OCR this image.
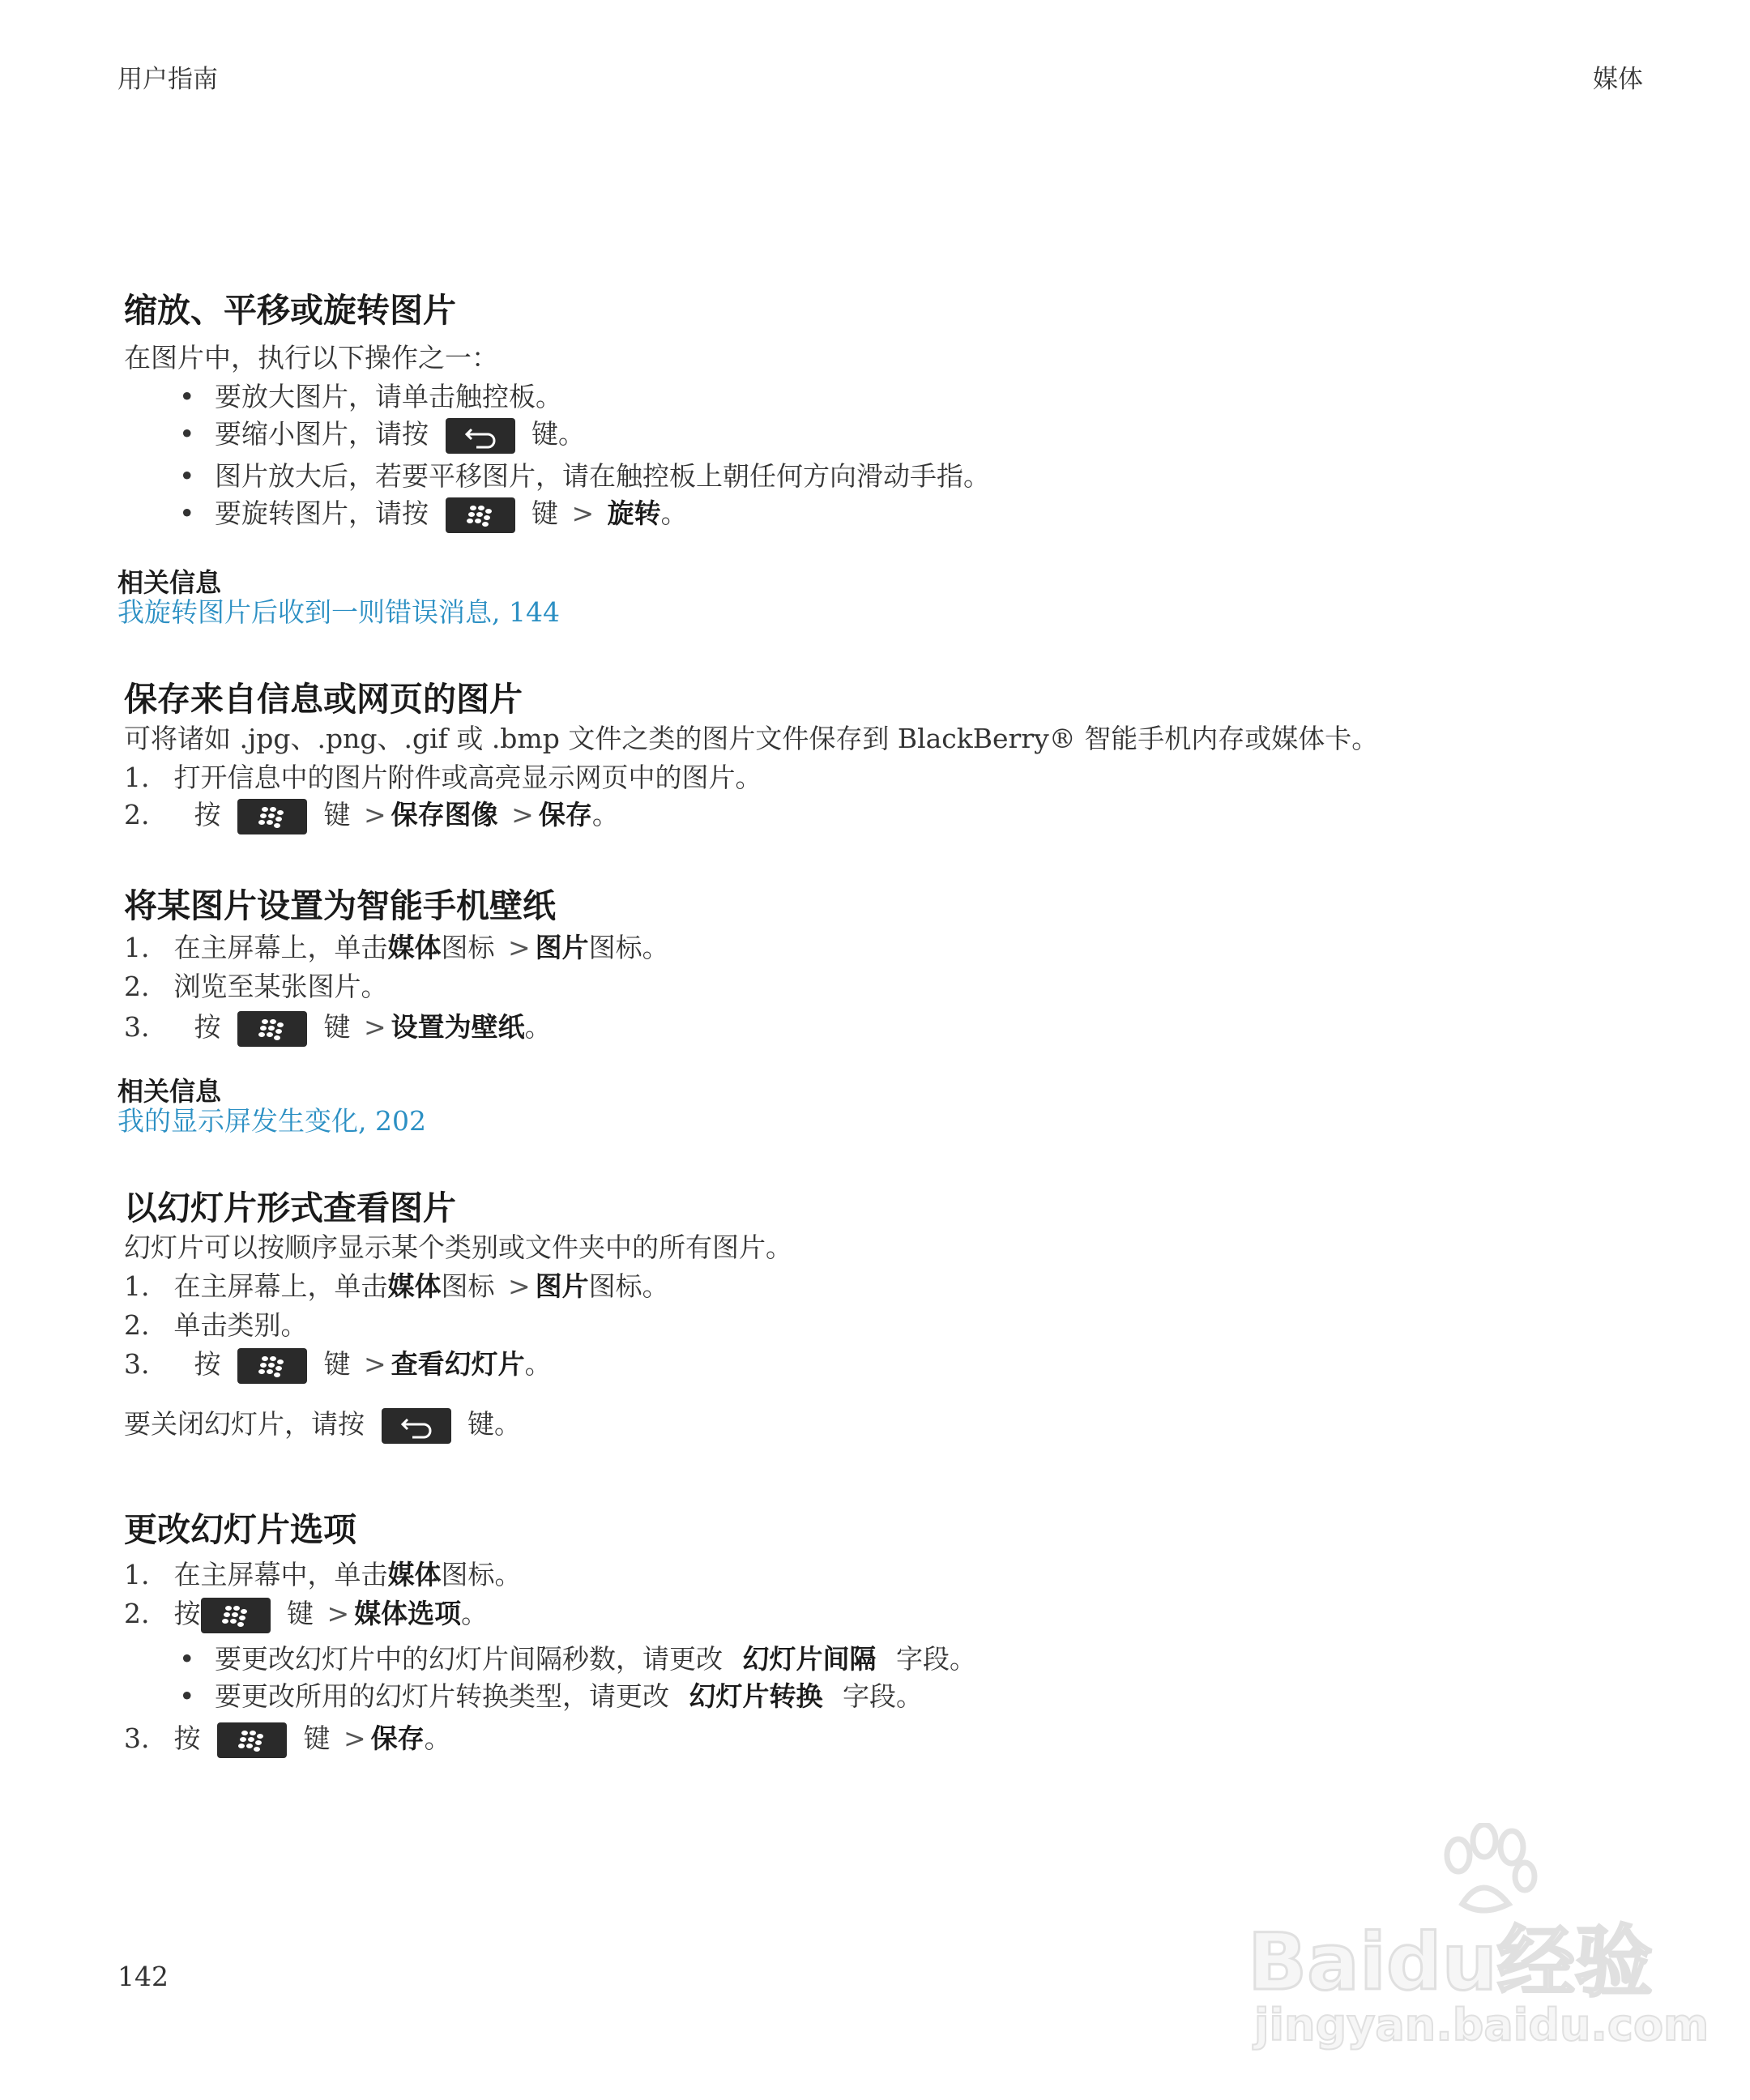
用户指南	媒体
缩放、平移或旋转图片
在图片中，执行以下操作之一：
• 要放大图片，请单击触控板。
• 要缩小图片，请按	键。
• 图片放大后，若要平移图片，请在触控板上朝任何方向滑动手指。
• 要旋转图片，请按	键 > 旋转。
相关信息
我旋转图片后收到一则错误消息, 144
保存来自信息或网页的图片
可将诸如 .jpg、.png、.gif 或 .bmp 文件之类的图片文件保存到 BlackBerry® 智能手机内存或媒体卡。
1. 打开信息中的图片附件或高亮显示网页中的图片。
2. 按	键 > 保存图像 > 保存。
将某图片设置为智能手机壁纸
1. 在主屏幕上，单击媒体图标 > 图片图标。
2. 浏览至某张图片。
3. 按	键 > 设置为壁纸。
相关信息
我的显示屏发生变化, 202
以幻灯片形式查看图片
幻灯片可以按顺序显示某个类别或文件夹中的所有图片。
1. 在主屏幕上，单击媒体图标 > 图片图标。
2. 单击类别。
3. 按	键 > 查看幻灯片。
要关闭幻灯片，请按	键。
更改幻灯片选项
1. 在主屏幕中，单击媒体图标。
2. 按	键 > 媒体选项。
• 要更改幻灯片中的幻灯片间隔秒数，请更改 幻灯片间隔 字段。
• 要更改所用的幻灯片转换类型，请更改 幻灯片转换 字段。
3. 按	键 > 保存。
142	Baidu经验
jingyan.baidu.com
